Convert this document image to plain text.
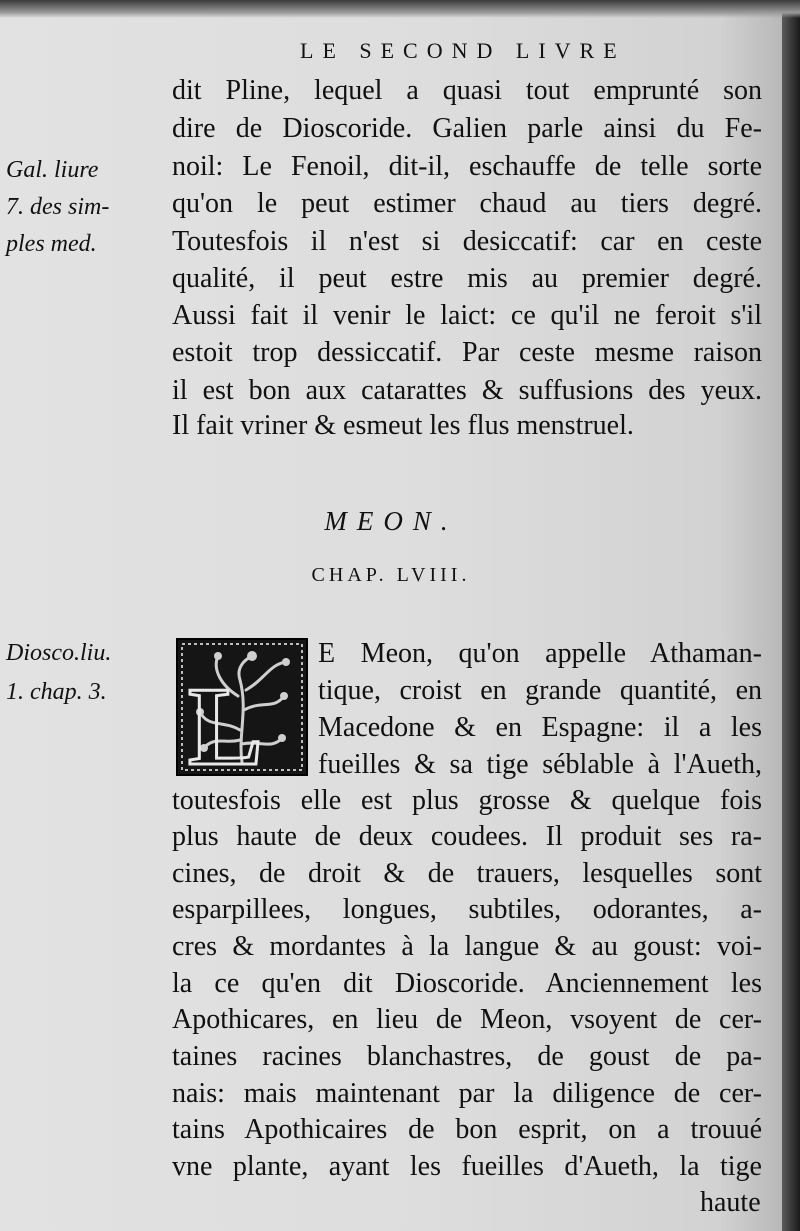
LE SECOND LIVRE
dit Pline, lequel a quasi tout emprunté son
dire de Dioscoride. Galien parle ainsi du Fe-
noil: Le Fenoil, dit-il, eschauffe de telle sorte
qu'on le peut estimer chaud au tiers degré.
Toutesfois il n'est si desiccatif: car en ceste
qualité, il peut estre mis au premier degré.
Aussi fait il venir le laict: ce qu'il ne feroit s'il
estoit trop dessiccatif. Par ceste mesme raison
il est bon aux catarattes & suffusions des yeux.
Il fait vriner & esmeut les flus menstruel.
Gal. liure
7. des sim-
ples med.
MEON.
CHAP. LVIII.
Diosco.liu.
1. chap. 3. L
E Meon, qu'on appelle Athaman-
tique, croist en grande quantité, en
Macedone & en Espagne: il a les
fueilles & sa tige séblable à l'Aueth,
toutesfois elle est plus grosse & quelque fois
plus haute de deux coudees. Il produit ses ra-
cines, de droit & de trauers, lesquelles sont
esparpillees, longues, subtiles, odorantes, a-
cres & mordantes à la langue & au goust: voi-
la ce qu'en dit Dioscoride. Anciennement les
Apothicares, en lieu de Meon, vsoyent de cer-
taines racines blanchastres, de goust de pa-
nais: mais maintenant par la diligence de cer-
tains Apothicaires de bon esprit, on a trouué
vne plante, ayant les fueilles d'Aueth, la tige
haute
